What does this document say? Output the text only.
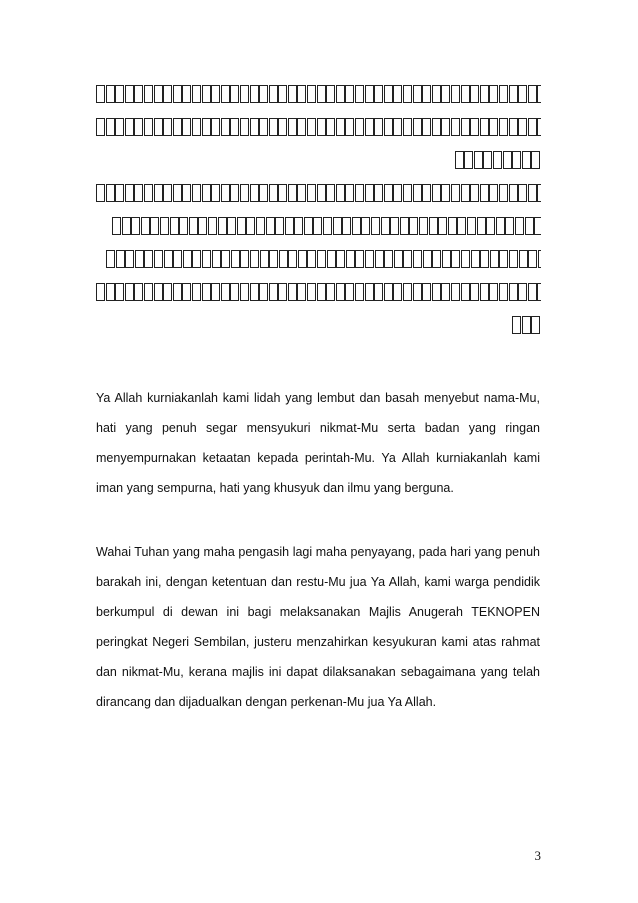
Ya Allah kurniakanlah kami lidah yang lembut dan basah menyebut nama-Mu, hati yang penuh segar mensyukuri nikmat-Mu serta badan yang ringan menyempurnakan ketaatan kepada perintah-Mu. Ya Allah kurniakanlah kami iman yang sempurna, hati yang khusyuk dan ilmu yang berguna.

Wahai Tuhan yang maha pengasih lagi maha penyayang, pada hari yang penuh barakah ini, dengan ketentuan dan restu-Mu jua Ya Allah, kami warga pendidik berkumpul di dewan ini bagi melaksanakan Majlis Anugerah TEKNOPEN peringkat Negeri Sembilan, justeru menzahirkan kesyukuran kami atas rahmat dan nikmat-Mu, kerana majlis ini dapat dilaksanakan sebagaimana yang telah dirancang dan dijadualkan dengan perkenan-Mu jua Ya Allah.

3
